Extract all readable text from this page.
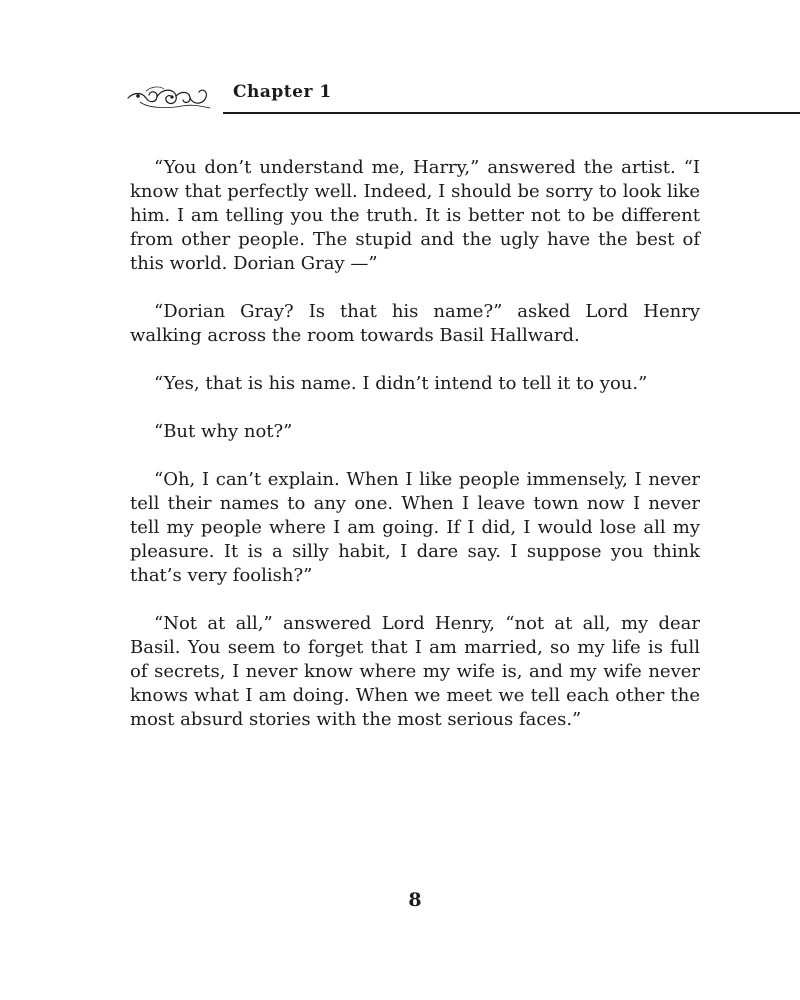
Chapter 1

“You don’t understand me, Harry,” answered the artist. “I know that perfectly well. Indeed, I should be sorry to look like him. I am telling you the truth. It is better not to be different from other people. The stupid and the ugly have the best of this world. Dorian Gray —”

“Dorian Gray? Is that his name?” asked Lord Henry walking across the room towards Basil Hallward.

“Yes, that is his name. I didn’t intend to tell it to you.”

“But why not?”

“Oh, I can’t explain. When I like people immensely, I never tell their names to any one. When I leave town now I never tell my people where I am going. If I did, I would lose all my pleasure. It is a silly habit, I dare say. I suppose you think that’s very foolish?”

“Not at all,” answered Lord Henry, “not at all, my dear Basil. You seem to forget that I am married, so my life is full of secrets, I never know where my wife is, and my wife never knows what I am doing. When we meet we tell each other the most absurd stories with the most serious faces.”

8
